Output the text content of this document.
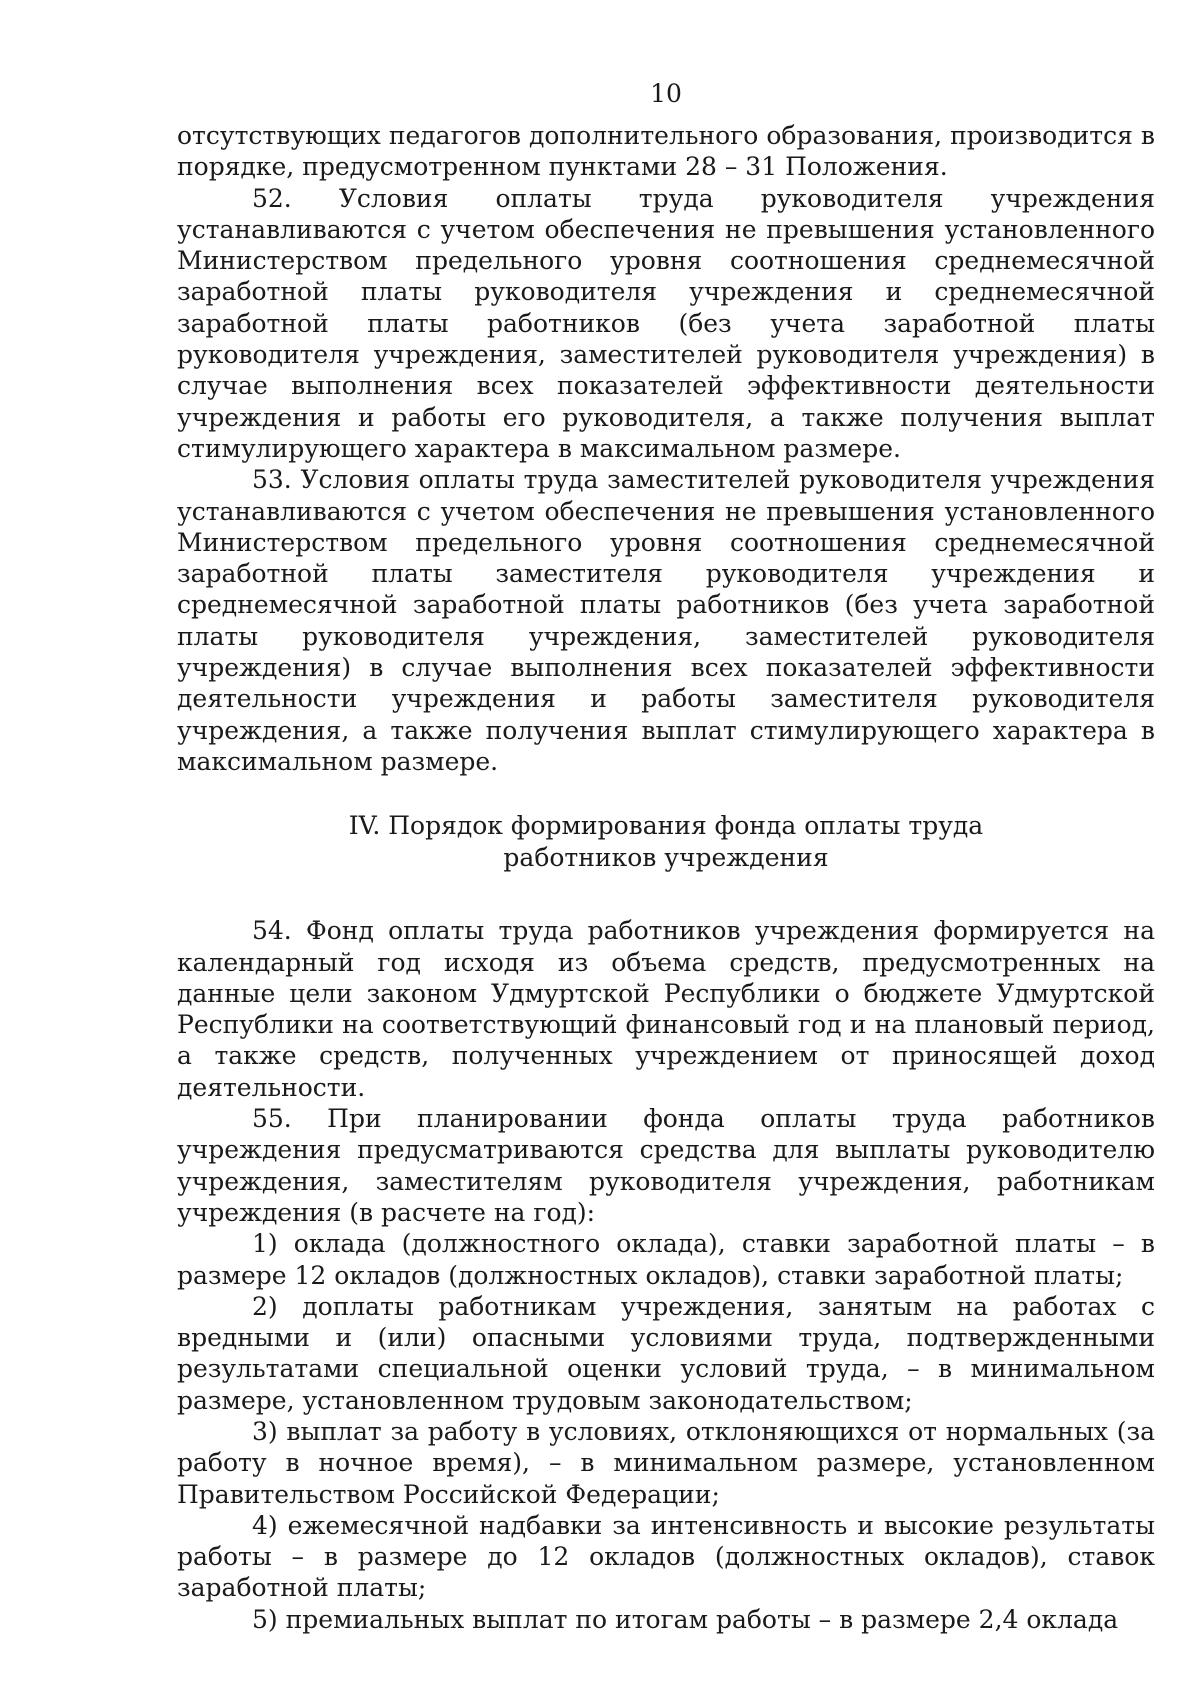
10

отсутствующих педагогов дополнительного образования, производится в порядке, предусмотренном пунктами 28 – 31 Положения.

52. Условия оплаты труда руководителя учреждения устанавливаются с учетом обеспечения не превышения установленного Министерством предельного уровня соотношения среднемесячной заработной платы руководителя учреждения и среднемесячной заработной платы работников (без учета заработной платы руководителя учреждения, заместителей руководителя учреждения) в случае выполнения всех показателей эффективности деятельности учреждения и работы его руководителя, а также получения выплат стимулирующего характера в максимальном размере.

53. Условия оплаты труда заместителей руководителя учреждения устанавливаются с учетом обеспечения не превышения установленного Министерством предельного уровня соотношения среднемесячной заработной платы заместителя руководителя учреждения и среднемесячной заработной платы работников (без учета заработной платы руководителя учреждения, заместителей руководителя учреждения) в случае выполнения всех показателей эффективности деятельности учреждения и работы заместителя руководителя учреждения, а также получения выплат стимулирующего характера в максимальном размере.

IV. Порядок формирования фонда оплаты труда
работников учреждения

54. Фонд оплаты труда работников учреждения формируется на календарный год исходя из объема средств, предусмотренных на данные цели законом Удмуртской Республики о бюджете Удмуртской Республики на соответствующий финансовый год и на плановый период, а также средств, полученных учреждением от приносящей доход деятельности.

55. При планировании фонда оплаты труда работников учреждения предусматриваются средства для выплаты руководителю учреждения, заместителям руководителя учреждения, работникам учреждения (в расчете на год):

1) оклада (должностного оклада), ставки заработной платы – в размере 12 окладов (должностных окладов), ставки заработной платы;

2) доплаты работникам учреждения, занятым на работах с вредными и (или) опасными условиями труда, подтвержденными результатами специальной оценки условий труда, – в минимальном размере, установленном трудовым законодательством;

3) выплат за работу в условиях, отклоняющихся от нормальных (за работу в ночное время), – в минимальном размере, установленном Правительством Российской Федерации;

4) ежемесячной надбавки за интенсивность и высокие результаты работы – в размере до 12 окладов (должностных окладов), ставок заработной платы;

5) премиальных выплат по итогам работы – в размере 2,4 оклада
